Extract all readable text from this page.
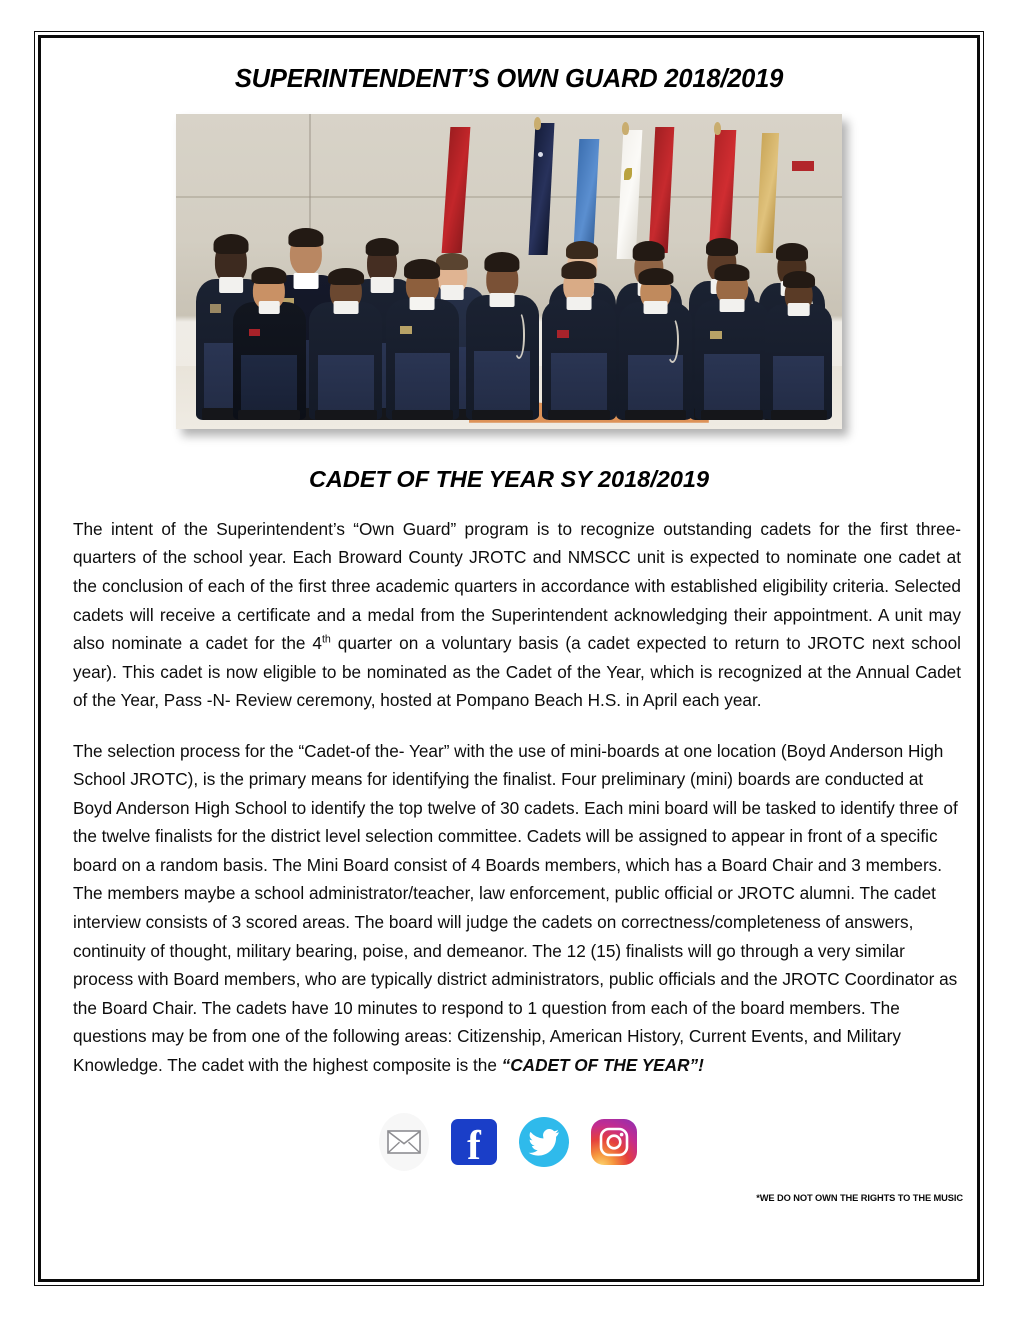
SUPERINTENDENT’S OWN GUARD 2018/2019
CADET OF THE YEAR SY 2018/2019

The intent of the Superintendent’s “Own Guard” program is to recognize outstanding cadets for the first three-quarters of the school year. Each Broward County JROTC and NMSCC unit is expected to nominate one cadet at the conclusion of each of the first three academic quarters in accordance with established eligibility criteria. Selected cadets will receive a certificate and a medal from the Superintendent acknowledging their appointment. A unit may also nominate a cadet for the 4th quarter on a voluntary basis (a cadet expected to return to JROTC next school year). This cadet is now eligible to be nominated as the Cadet of the Year, which is recognized at the Annual Cadet of the Year, Pass -N- Review ceremony, hosted at Pompano Beach H.S. in April each year.

The selection process for the “Cadet-of the- Year” with the use of mini-boards at one location (Boyd Anderson High School JROTC), is the primary means for identifying the finalist. Four preliminary (mini) boards are conducted at Boyd Anderson High School to identify the top twelve of 30 cadets. Each mini board will be tasked to identify three of the twelve finalists for the district level selection committee. Cadets will be assigned to appear in front of a specific board on a random basis. The Mini Board consist of 4 Boards members, which has a Board Chair and 3 members. The members maybe a school administrator/teacher, law enforcement, public official or JROTC alumni. The cadet interview consists of 3 scored areas. The board will judge the cadets on correctness/completeness of answers, continuity of thought, military bearing, poise, and demeanor. The 12 (15) finalists will go through a very similar process with Board members, who are typically district administrators, public officials and the JROTC Coordinator as the Board Chair. The cadets have 10 minutes to respond to 1 question from each of the board members. The questions may be from one of the following areas: Citizenship, American History, Current Events, and Military Knowledge. The cadet with the highest composite is the “CADET OF THE YEAR”!

f
*WE DO NOT OWN THE RIGHTS TO THE MUSIC
